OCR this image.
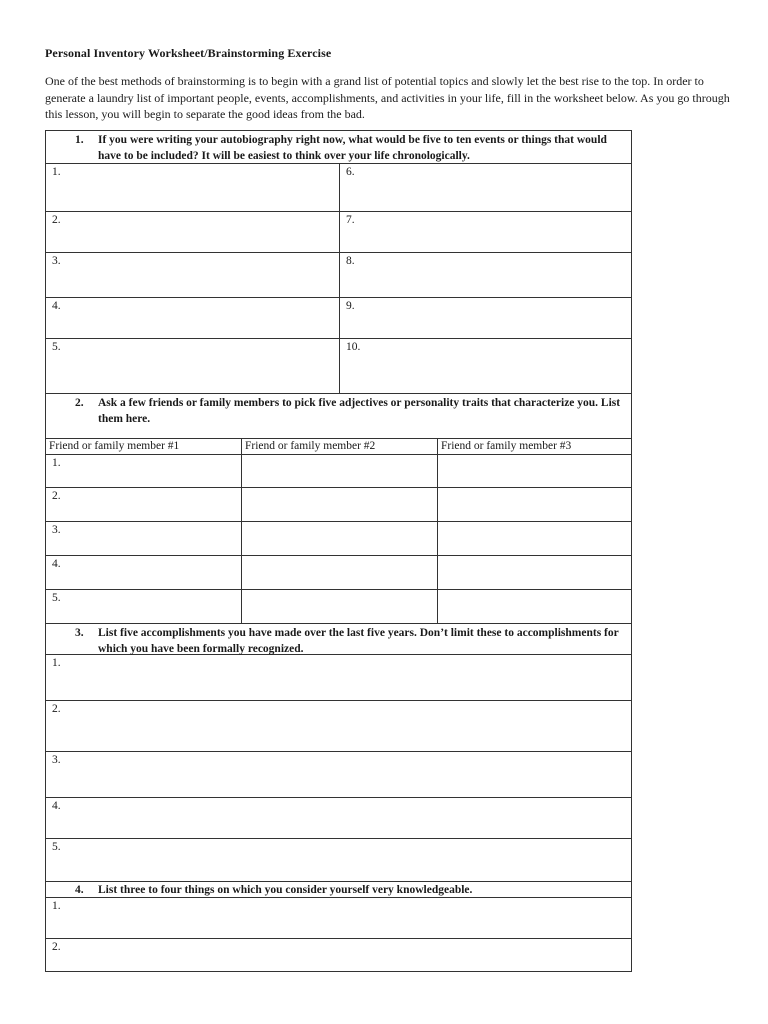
Personal Inventory Worksheet/Brainstorming Exercise
One of the best methods of brainstorming is to begin with a grand list of potential topics and slowly let the best rise to the top. In order to generate a laundry list of important people, events, accomplishments, and activities in your life, fill in the worksheet below. As you go through this lesson, you will begin to separate the good ideas from the bad.
1. If you were writing your autobiography right now, what would be five to ten events or things that would have to be included? It will be easiest to think over your life chronologically.
1.	6.
2.	7.
3.	8.
4.	9.
5.	10.
2. Ask a few friends or family members to pick five adjectives or personality traits that characterize you. List them here.
Friend or family member #1	Friend or family member #2	Friend or family member #3
1.
2.
3.
4.
5.
3. List five accomplishments you have made over the last five years. Don’t limit these to accomplishments for which you have been formally recognized.
1.
2.
3.
4.
5.
4. List three to four things on which you consider yourself very knowledgeable.
1.
2.
